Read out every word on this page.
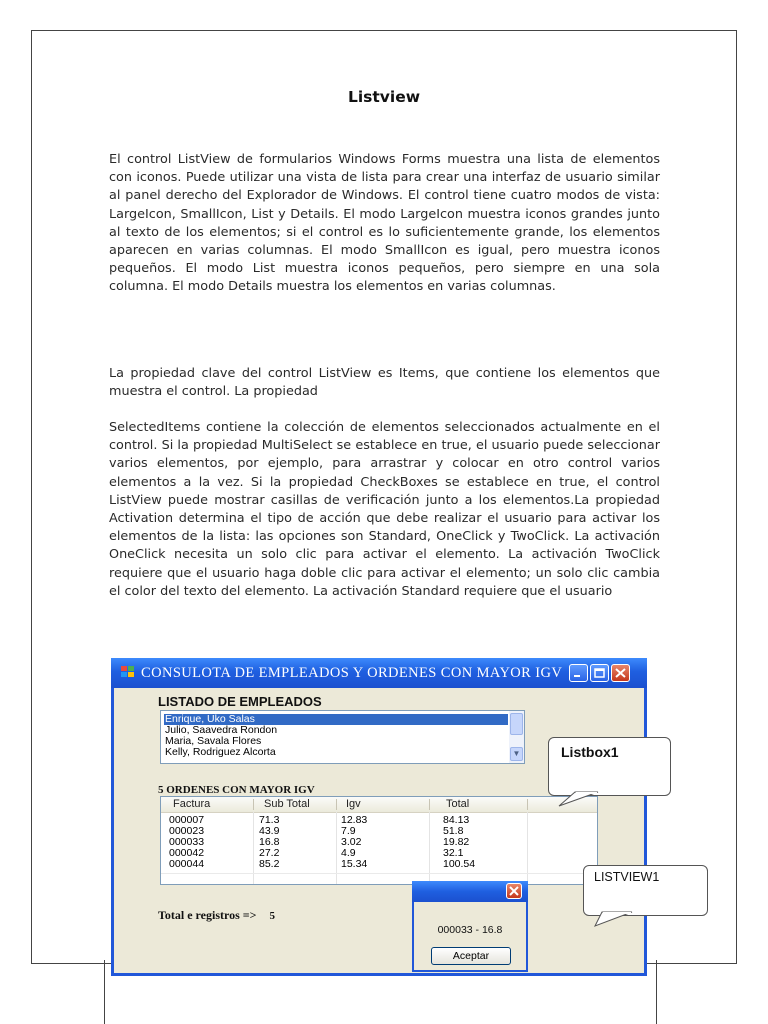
Listview
El control ListView de formularios Windows Forms muestra una lista de elementos con iconos. Puede utilizar una vista de lista para crear una interfaz de usuario similar al panel derecho del Explorador de Windows. El control tiene cuatro modos de vista: LargeIcon, SmallIcon, List y Details. El modo LargeIcon muestra iconos grandes junto al texto de los elementos; si el control es lo suficientemente grande, los elementos aparecen en varias columnas. El modo SmallIcon es igual, pero muestra iconos pequeños. El modo List muestra iconos pequeños, pero siempre en una sola columna. El modo Details muestra los elementos en varias columnas.
La propiedad clave del control ListView es Items, que contiene los elementos que muestra el control. La propiedad
SelectedItems contiene la colección de elementos seleccionados actualmente en el control. Si la propiedad MultiSelect se establece en true, el usuario puede seleccionar varios elementos, por ejemplo, para arrastrar y colocar en otro control varios elementos a la vez. Si la propiedad CheckBoxes se establece en true, el control ListView puede mostrar casillas de verificación junto a los elementos.La propiedad Activation determina el tipo de acción que debe realizar el usuario para activar los elementos de la lista: las opciones son Standard, OneClick y TwoClick. La activación OneClick necesita un solo clic para activar el elemento. La activación TwoClick requiere que el usuario haga doble clic para activar el elemento; un solo clic cambia el color del texto del elemento. La activación Standard requiere que el usuario
CONSULOTA DE EMPLEADOS Y ORDENES CON MAYOR IGV
LISTADO DE EMPLEADOS
Enrique, Uko Salas
Julio, Saavedra Rondon
Maria, Savala Flores
Kelly, Rodriguez Alcorta	▼
5 ORDENES CON MAYOR IGV
Factura	Sub Total	Igv	Total
000007	71.3	12.83	84.13
000023	43.9	7.9	51.8
000033	16.8	3.02	19.82
000042	27.2	4.9	32.1
000044	85.2	15.34	100.54
Total e registros => 5
000033 - 16.8
Aceptar
Listbox1
LISTVIEW1
